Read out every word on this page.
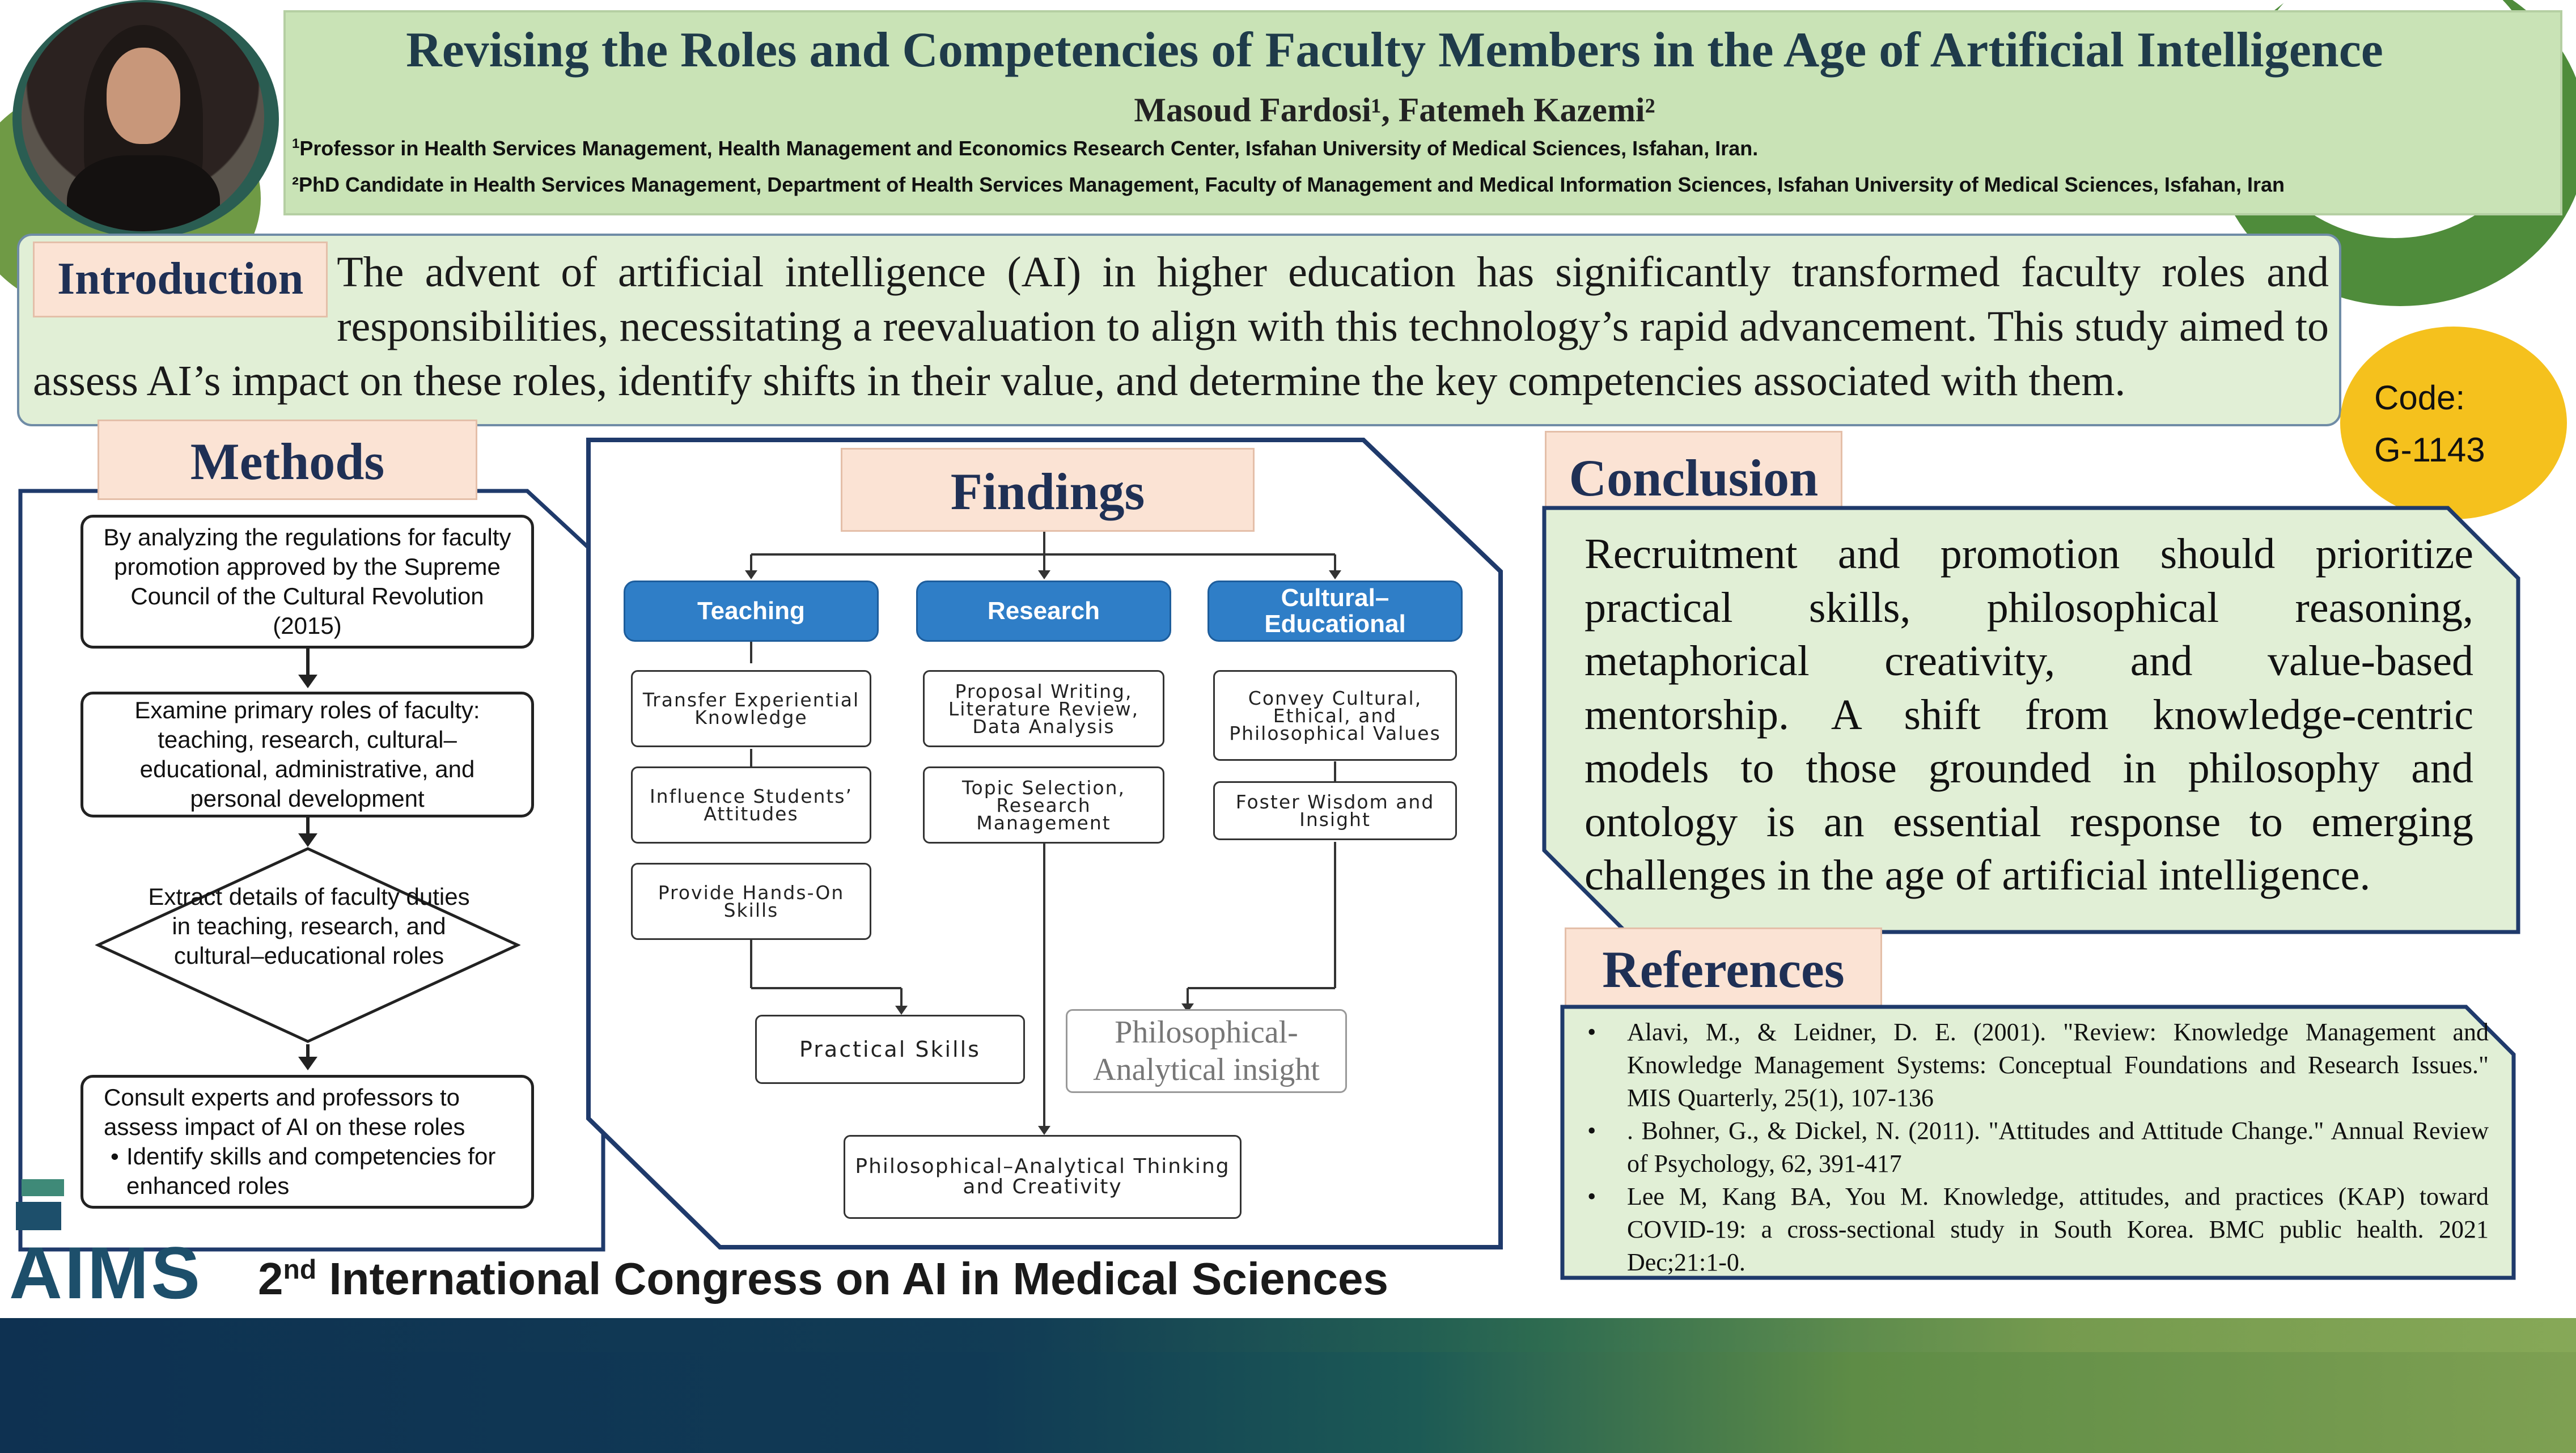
Revising the Roles and Competencies of Faculty Members in the Age of Artificial Intelligence
Masoud Fardosi¹, Fatemeh Kazemi²
$^1$Professor in Health Services Management, Health Management and Economics Research Center, Isfahan University of Medical Sciences, Isfahan, Iran.
²PhD Candidate in Health Services Management, Department of Health Services Management, Faculty of Management and Medical Information Sciences, Isfahan University of Medical Sciences, Isfahan, Iran
Introduction The advent of artificial intelligence (AI) in higher education has significantly transformed faculty roles and responsibilities, necessitating a reevaluation to align with this technology’s rapid advancement. This study aimed to assess AI’s impact on these roles, identify shifts in their value, and determine the key competencies associated with them.	Code:
G-1143
Methods
By analyzing the regulations for faculty promotion approved by the Supreme Council of the Cultural Revolution (2015)
Examine primary roles of faculty: teaching, research, cultural–educational, administrative, and personal development
Extract details of faculty duties in teaching, research, and cultural–educational roles
Consult experts and professors to assess impact of AI on these roles
• Identify skills and competencies for enhanced roles
Findings
Teaching	Research	Cultural–Educational
Transfer Experiential Knowledge
Influence Students’ Attitudes
Provide Hands-On Skills
Proposal Writing, Literature Review, Data Analysis
Topic Selection, Research Management
Convey Cultural, Ethical, and Philosophical Values
Foster Wisdom and Insight
Practical Skills	Philosophical-Analytical insight
Philosophical–Analytical Thinking and Creativity
Conclusion
Recruitment and promotion should prioritize practical skills, philosophical reasoning, metaphorical creativity, and value-based mentorship. A shift from knowledge-centric models to those grounded in philosophy and ontology is an essential response to emerging challenges in the age of artificial intelligence.
References
• Alavi, M., & Leidner, D. E. (2001). "Review: Knowledge Management and Knowledge Management Systems: Conceptual Foundations and Research Issues." MIS Quarterly, 25(1), 107-136
• . Bohner, G., & Dickel, N. (2011). "Attitudes and Attitude Change." Annual Review of Psychology, 62, 391-417
• Lee M, Kang BA, You M. Knowledge, attitudes, and practices (KAP) toward COVID-19: a cross-sectional study in South Korea. BMC public health. 2021 Dec;21:1-0.
AIMS	2nd International Congress on AI in Medical Sciences
